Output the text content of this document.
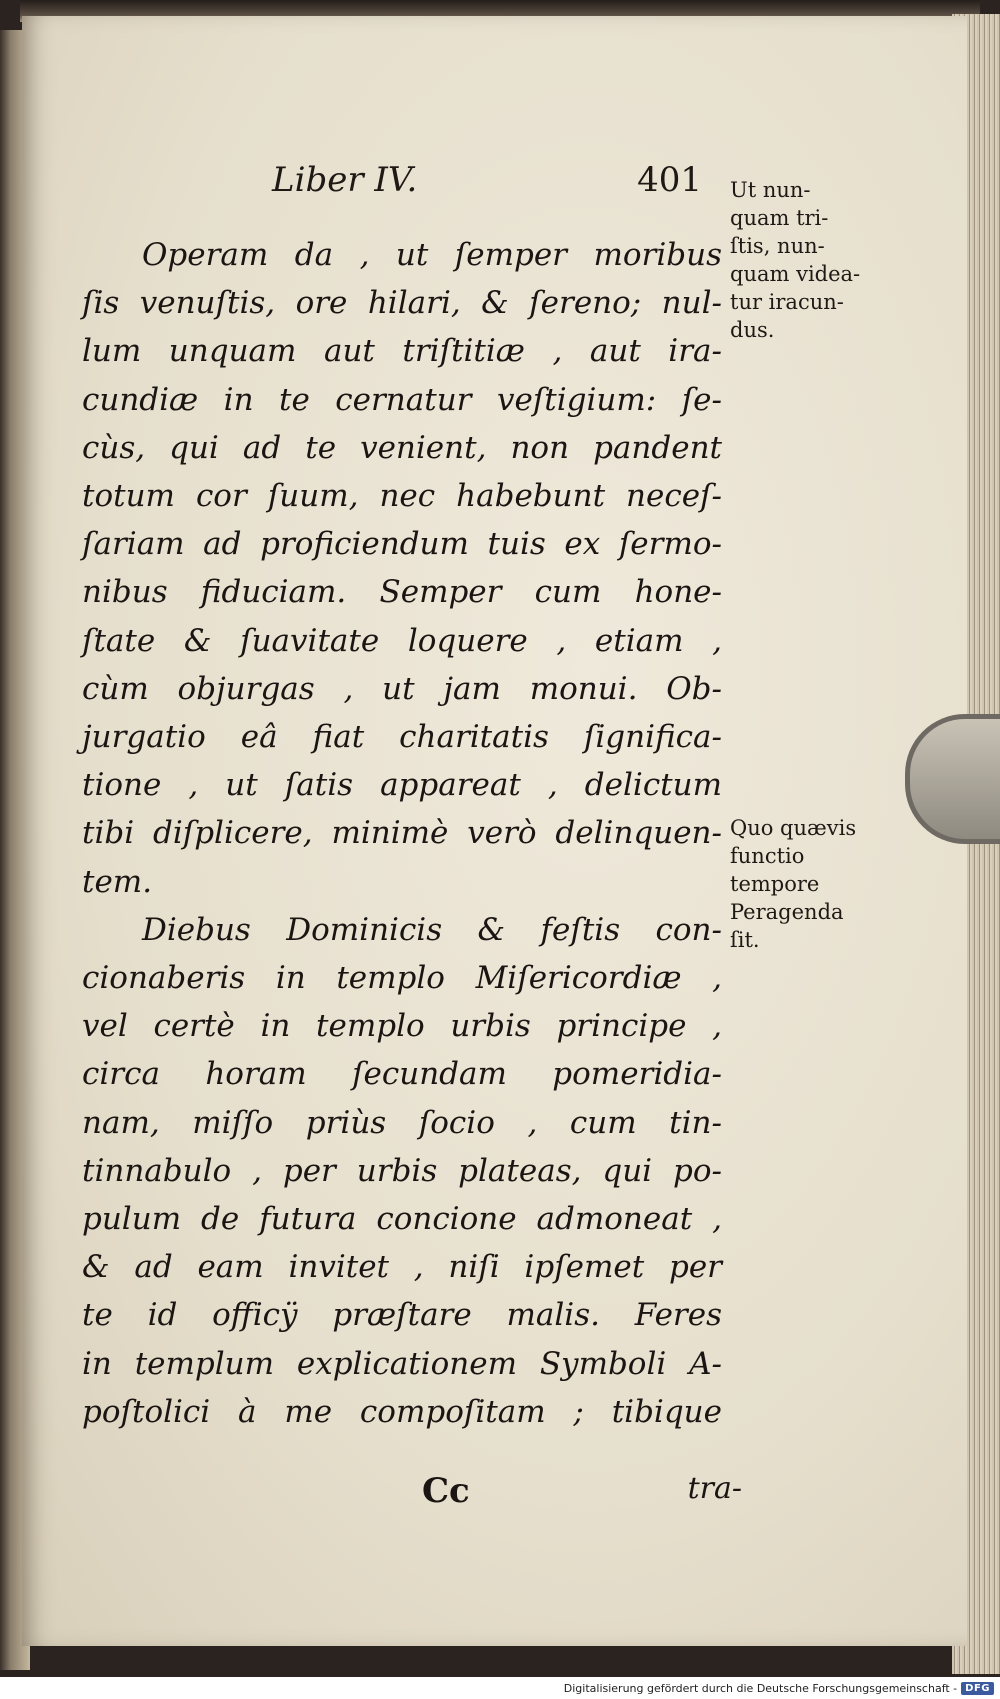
Liber IV.	401
Operam da , ut ſemper moribus
ſis venuſtis, ore hilari, & ſereno; nul-
lum unquam aut triſtitiæ , aut ira-
cundiæ in te cernatur veſtigium: ſe-
cùs, qui ad te venient, non pandent
totum cor ſuum, nec habebunt neceſ-
ſariam ad proficiendum tuis ex ſermo-
nibus fiduciam. Semper cum hone-
ſtate & ſuavitate loquere , etiam ,
cùm objurgas , ut jam monui. Ob-
jurgatio eâ fiat charitatis ſignifica-
tione , ut ſatis appareat , delictum
tibi diſplicere, minimè verò delinquen-
tem.
Diebus Dominicis & feſtis con-
cionaberis in templo Miſericordiæ ,
vel certè in templo urbis principe ,
circa horam ſecundam pomeridia-
nam, miſſo priùs ſocio , cum tin-
tinnabulo , per urbis plateas, qui po-
pulum de futura concione admoneat ,
& ad eam invitet , niſi ipſemet per
te id officÿ præſtare malis. Feres
in templum explicationem Symboli A-
poſtolici à me compoſitam ; tibique
Ut nun-
quam tri-
ſtis, nun-
quam videa-
tur iracun-
dus.
Quo quævis
functio
tempore
Peragenda
ſit.
Cc	tra-
Digitalisierung gefördert durch die Deutsche Forschungsgemeinschaft - DFG
